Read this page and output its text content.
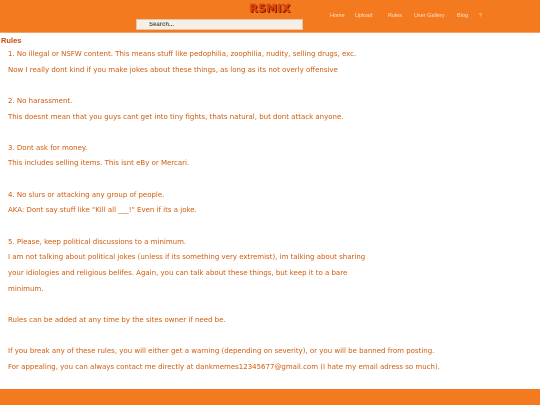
R5MIX
Search...
Home Upload	Rules User Gallery Blog ?
Rules
1. No illegal or NSFW content. This means stuff like pedophilia, zoophilia, nudity, selling drugs, exc.
Now I really dont kind if you make jokes about these things, as long as its not overly offensive
2. No harassment.
This doesnt mean that you guys cant get into tiny fights, thats natural, but dont attack anyone.
3. Dont ask for money.
This includes selling items. This isnt eBy or Mercari.
4. No slurs or attacking any group of people.
AKA: Dont say stuff like "Kill all ___!" Even if its a joke.
5. Please, keep political discussions to a minimum.
I am not talking about political jokes (unless if its something very extremist), im talking about sharing
your idiologies and religious belifes. Again, you can talk about these things, but keep it to a bare
minimum.
Rules can be added at any time by the sites owner if need be.
If you break any of these rules, you will either get a warning (depending on severity), or you will be banned from posting.
For appealing, you can always contact me directly at dankmemes12345677@gmail.com (I hate my email adress so much).
